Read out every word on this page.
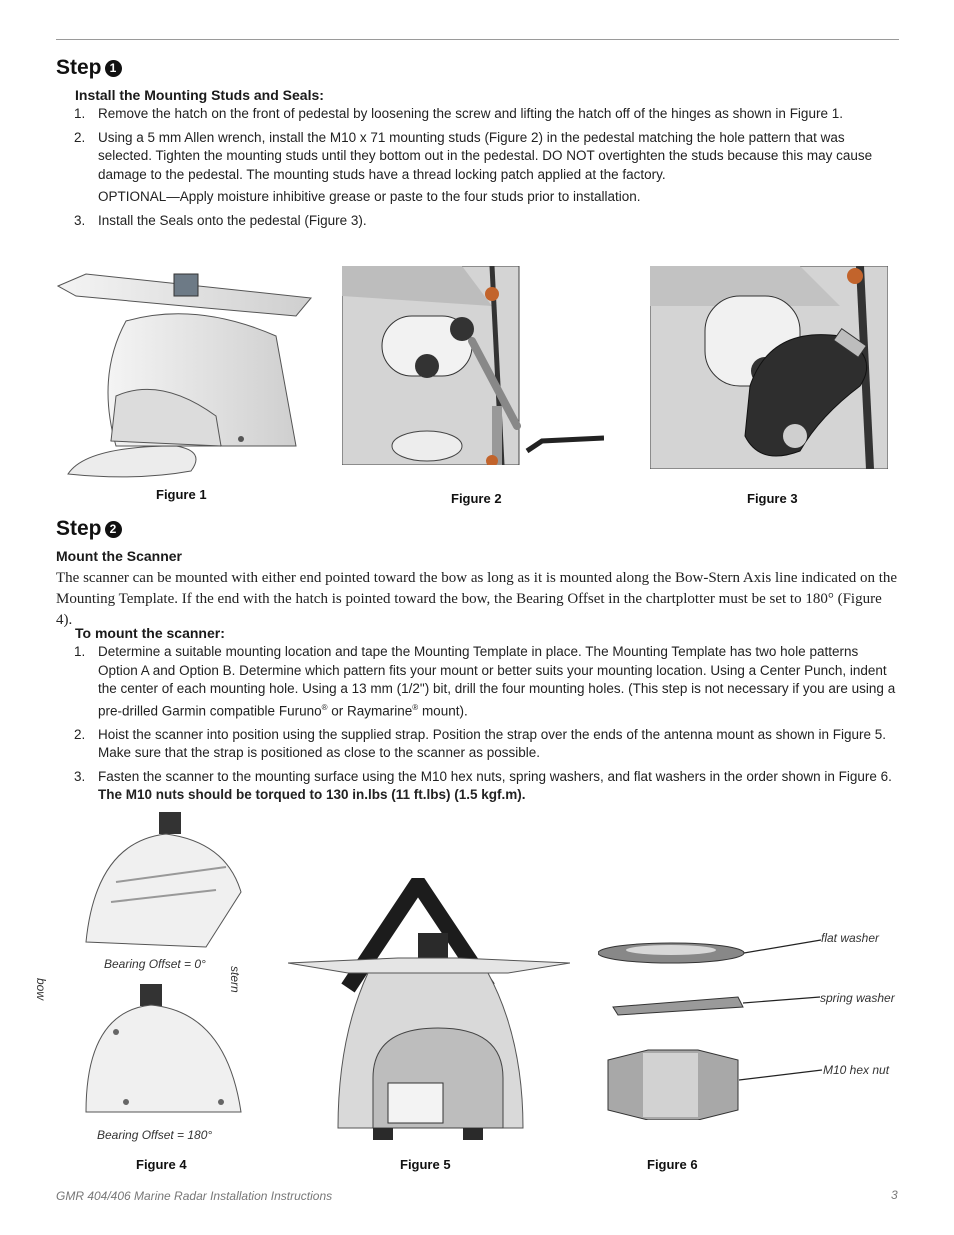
Step 1
Install the Mounting Studs and Seals:
1. Remove the hatch on the front of pedestal by loosening the screw and lifting the hatch off of the hinges as shown in Figure 1.
2. Using a 5 mm Allen wrench, install the M10 x 71 mounting studs (Figure 2) in the pedestal matching the hole pattern that was selected. Tighten the mounting studs until they bottom out in the pedestal. DO NOT overtighten the studs because this may cause damage to the pedestal. The mounting studs have a thread locking patch applied at the factory.

OPTIONAL—Apply moisture inhibitive grease or paste to the four studs prior to installation.

3. Install the Seals onto the pedestal (Figure 3).
Figure 1	Figure 2	Figure 3
Step 2
Mount the Scanner
The scanner can be mounted with either end pointed toward the bow as long as it is mounted along the Bow-Stern Axis line indicated on the Mounting Template. If the end with the hatch is pointed toward the bow, the Bearing Offset in the chartplotter must be set to 180° (Figure 4).
To mount the scanner:
1. Determine a suitable mounting location and tape the Mounting Template in place. The Mounting Template has two hole patterns Option A and Option B. Determine which pattern fits your mount or better suits your mounting location. Using a Center Punch, indent the center of each mounting hole. Using a 13 mm (1/2") bit, drill the four mounting holes. (This step is not necessary if you are using a pre-drilled Garmin compatible Furuno® or Raymarine® mount).
2. Hoist the scanner into position using the supplied strap. Position the strap over the ends of the antenna mount as shown in Figure 5. Make sure that the strap is positioned as close to the scanner as possible.
3. Fasten the scanner to the mounting surface using the M10 hex nuts, spring washers, and flat washers in the order shown in Figure 6.
The M10 nuts should be torqued to 130 in.lbs (11 ft.lbs) (1.5 kgf.m).
Bearing Offset = 0°
Bearing Offset = 180°
bow	stern
Figure 4	Figure 5
flat washer
spring washer
M10 hex nut
Figure 6
GMR 404/406 Marine Radar Installation Instructions	3
